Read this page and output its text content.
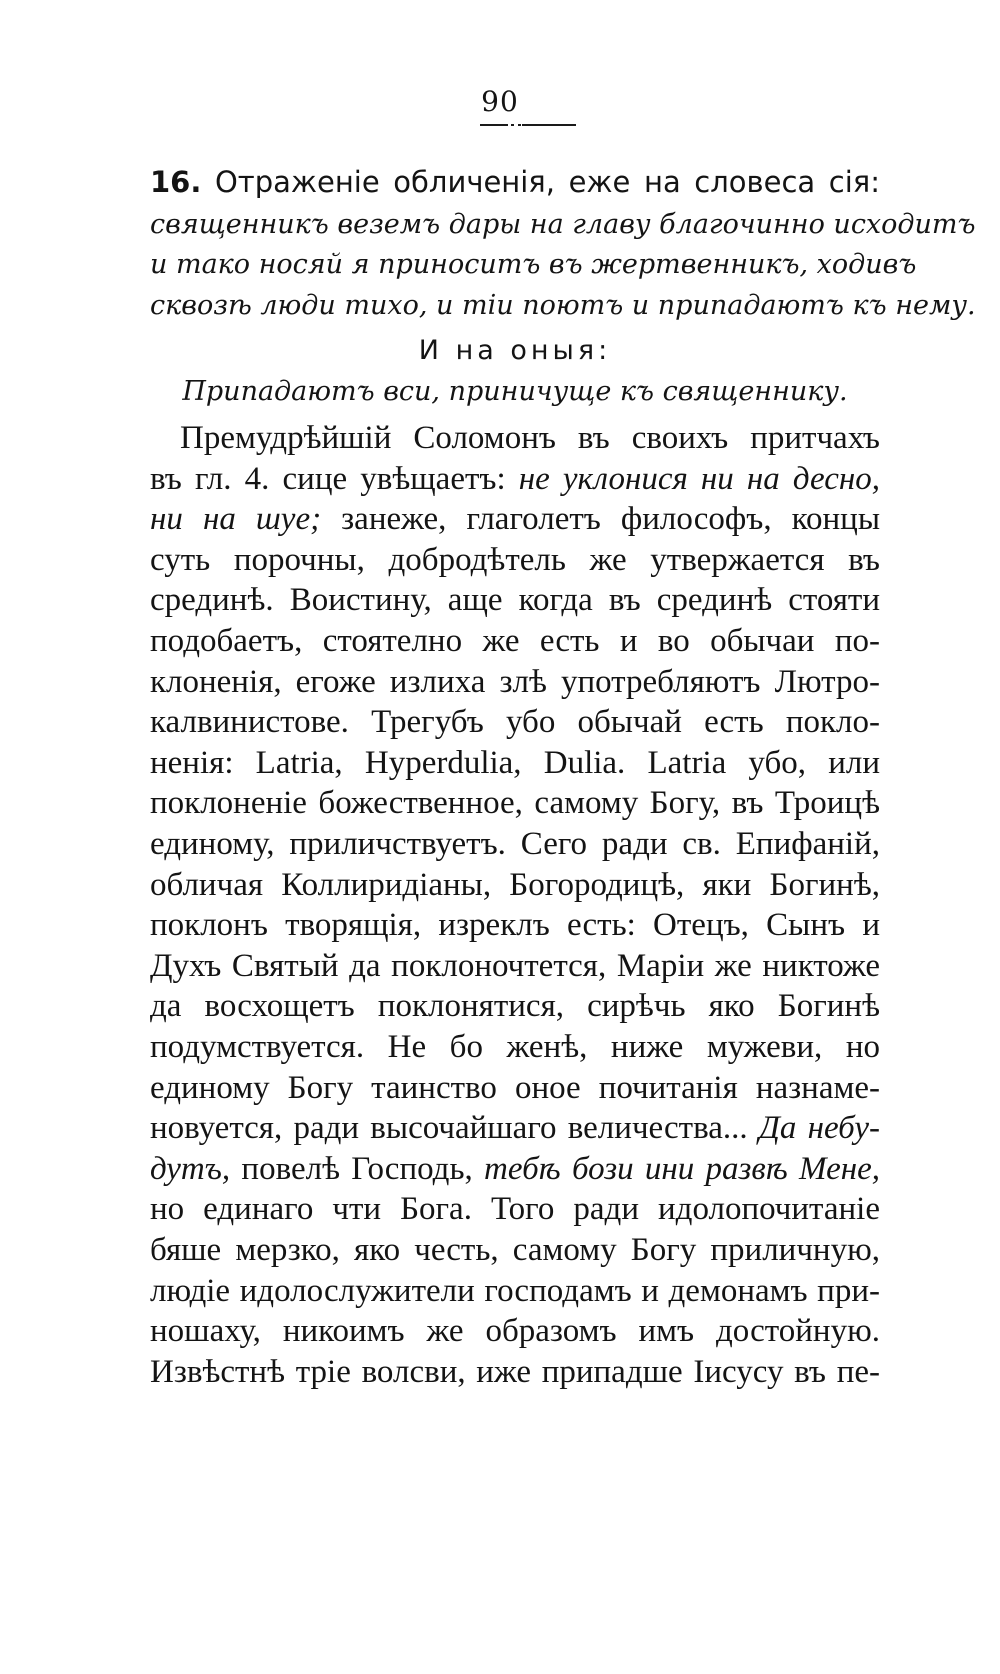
90
16. Отраженіе обличенія, еже на словеса сія:
священникъ веземъ дары на главу благочинно исходитъ
и тако носяй я приноситъ въ жертвенникъ, ходивъ
сквозѣ люди тихо, и тіи поютъ и припадаютъ къ нему.
И на оныя:
Припадаютъ вси, приничуще къ священнику.
Премудрѣйшій Соломонъ въ своихъ притчахъ
въ гл. 4. сице увѣщаетъ: не уклонися ни на десно,
ни на шуе; занеже, глаголетъ философъ, концы
суть порочны, добродѣтель же утвержается въ
срединѣ. Воистину, аще когда въ срединѣ стояти
подобаетъ, стоятелно же есть и во обычаи по-
клоненія, егоже излиха злѣ употребляютъ Лютро-
калвинистове. Трегубъ убо обычай есть покло-
ненія: Latria, Hyperdulia, Dulia. Latria убо, или
поклоненіе божественное, самому Богу, въ Троицѣ
единому, приличствуетъ. Сего ради св. Епифаній,
обличая Коллиридіаны, Богородицѣ, яки Богинѣ,
поклонъ творящія, изреклъ есть: Отецъ, Сынъ и
Духъ Святый да поклоночтется, Маріи же никтоже
да восхощетъ поклонятися, сирѣчь яко Богинѣ
подумствуется. Не бо женѣ, ниже мужеви, но
единому Богу таинство оное почитанія назнаме-
новуется, ради высочайшаго величества... Да небу-
дутъ, повелѣ Господь, тебѣ бози ини развѣ Мене,
но единаго чти Бога. Того ради идолопочитаніе
бяше мерзко, яко честь, самому Богу приличную,
людіе идолослужители господамъ и демонамъ при-
ношаху, никоимъ же образомъ имъ достойную.
Извѣстнѣ тріе волсви, иже припадше Іисусу въ пе-
